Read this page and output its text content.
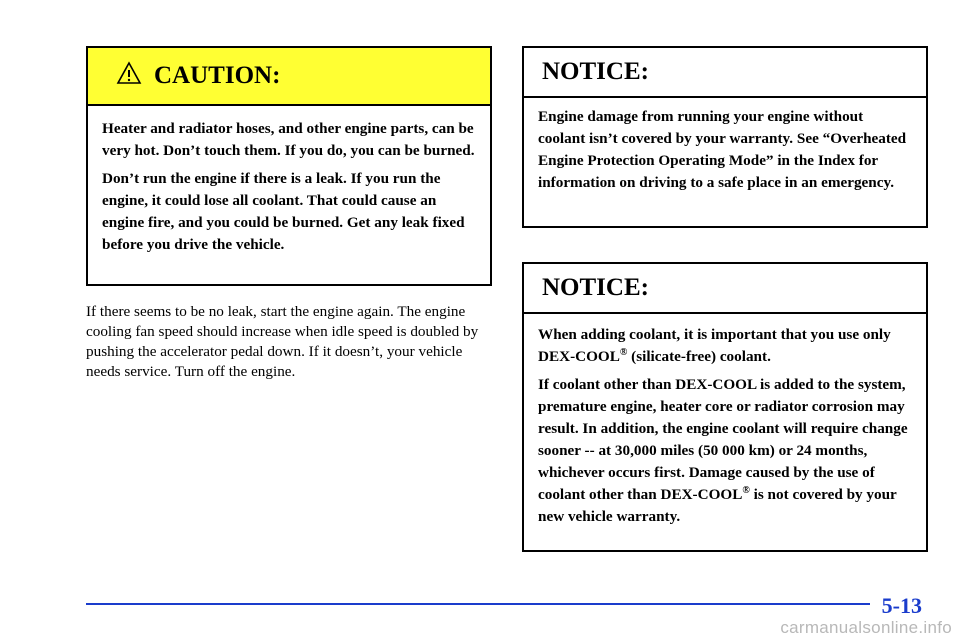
CAUTION:

Heater and radiator hoses, and other engine parts, can be very hot. Don’t touch them. If you do, you can be burned.

Don’t run the engine if there is a leak. If you run the engine, it could lose all coolant. That could cause an engine fire, and you could be burned. Get any leak fixed before you drive the vehicle.

If there seems to be no leak, start the engine again. The engine cooling fan speed should increase when idle speed is doubled by pushing the accelerator pedal down. If it doesn’t, your vehicle needs service. Turn off the engine.

NOTICE:

Engine damage from running your engine without coolant isn’t covered by your warranty. See “Overheated Engine Protection Operating Mode” in the Index for information on driving to a safe place in an emergency.

NOTICE:

When adding coolant, it is important that you use only DEX-COOL® (silicate-free) coolant.

If coolant other than DEX-COOL is added to the system, premature engine, heater core or radiator corrosion may result. In addition, the engine coolant will require change sooner -- at 30,000 miles (50 000 km) or 24 months, whichever occurs first. Damage caused by the use of coolant other than DEX-COOL® is not covered by your new vehicle warranty.

5-13
carmanualsonline.info
